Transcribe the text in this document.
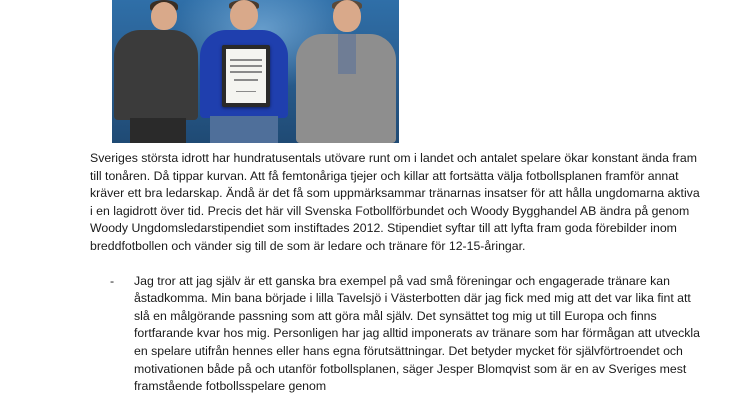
Sveriges största idrott har hundratusentals utövare runt om i landet och antalet spelare ökar konstant ända fram till tonåren. Då tippar kurvan. Att få femtonåriga tjejer och killar att fortsätta välja fotbollsplanen framför annat kräver ett bra ledarskap. Ändå är det få som uppmärksammar tränarnas insatser för att hålla ungdomarna aktiva i en lagidrott över tid. Precis det här vill Svenska Fotbollförbundet och Woody Bygghandel AB ändra på genom Woody Ungdomsledarstipendiet som instiftades 2012. Stipendiet syftar till att lyfta fram goda förebilder inom breddfotbollen och vänder sig till de som är ledare och tränare för 12-15-åringar.

- Jag tror att jag själv är ett ganska bra exempel på vad små föreningar och engagerade tränare kan åstadkomma. Min bana började i lilla Tavelsjö i Västerbotten där jag fick med mig att det var lika fint att slå en målgörande passning som att göra mål själv. Det synsättet tog mig ut till Europa och finns fortfarande kvar hos mig. Personligen har jag alltid imponerats av tränare som har förmågan att utveckla en spelare utifrån hennes eller hans egna förutsättningar. Det betyder mycket för självförtroendet och motivationen både på och utanför fotbollsplanen, säger Jesper Blomqvist som är en av Sveriges mest framstående fotbollsspelare genom
